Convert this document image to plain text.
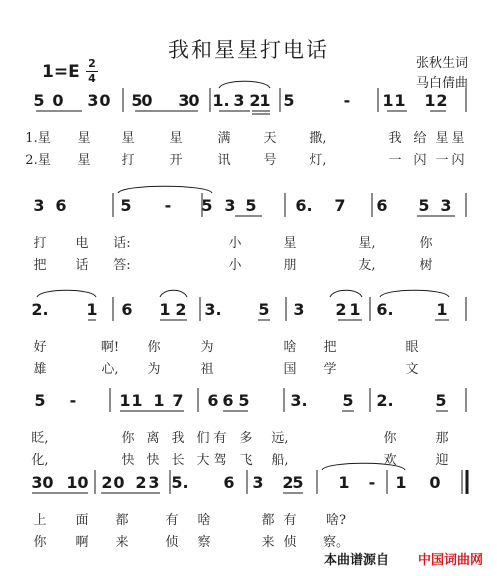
我和星星打电话
1=E 2
4
张秋生词
马白倩曲
5 0 3 0 5
0 3
0 1. 3 2
1 5	- 1 1 1 2
1.星 星 星	星	满	天	撒,	我 给 星 星
2.星 星 打	开	讯	号	灯,	一 闪 一 闪
3 6	5 - 5 3 5 6. 7 6 5 3
打 电 话:	小	星	星,	你
把 话 答:	小	朋	友,	树
2. 1 6 1 2 3. 5 3 2 1 6.	1
好	啊! 你	为	啥 把	眼
雄	心, 为	祖	国 学	文
5 -	1 1 1 7 6 6 5	3. 5 2.	5
眨,	你 离 我 们 有 多 远,	你	那
化,	快 快 长 大 驾 飞 船,	欢	迎
3 0 1 0 2 0 2 3 5. 6 3 2
5 1 - 1 0
上 面 都	有 啥	都 有 啥?
你 啊 来	侦 察	来 侦 察。
本曲谱源自 中国词曲网
